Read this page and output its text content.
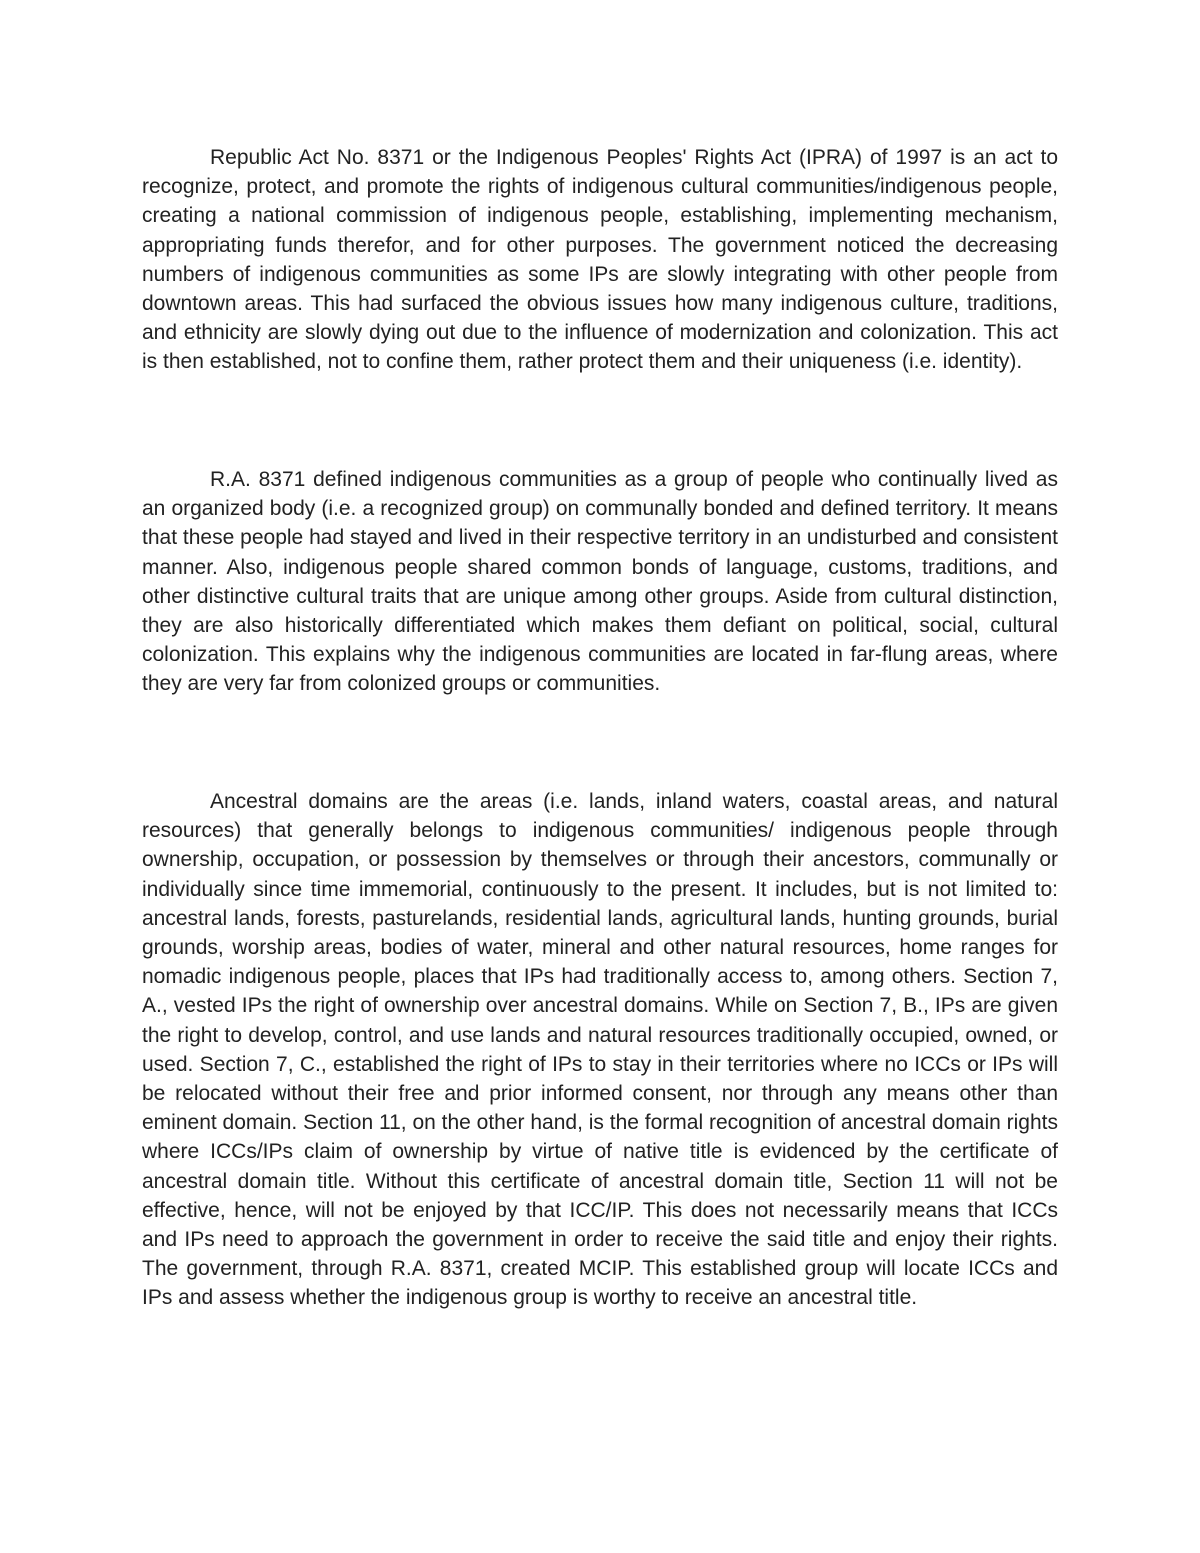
Republic Act No. 8371 or the Indigenous Peoples' Rights Act (IPRA) of 1997 is an act to recognize, protect, and promote the rights of indigenous cultural communities/indigenous people, creating a national commission of indigenous people, establishing, implementing mechanism, appropriating funds therefor, and for other purposes. The government noticed the decreasing numbers of indigenous communities as some IPs are slowly integrating with other people from downtown areas. This had surfaced the obvious issues how many indigenous culture, traditions, and ethnicity are slowly dying out due to the influence of modernization and colonization. This act is then established, not to confine them, rather protect them and their uniqueness (i.e. identity).

R.A. 8371 defined indigenous communities as a group of people who continually lived as an organized body (i.e. a recognized group) on communally bonded and defined territory. It means that these people had stayed and lived in their respective territory in an undisturbed and consistent manner. Also, indigenous people shared common bonds of language, customs, traditions, and other distinctive cultural traits that are unique among other groups. Aside from cultural distinction, they are also historically differentiated which makes them defiant on political, social, cultural colonization. This explains why the indigenous communities are located in far-flung areas, where they are very far from colonized groups or communities.

Ancestral domains are the areas (i.e. lands, inland waters, coastal areas, and natural resources) that generally belongs to indigenous communities/ indigenous people through ownership, occupation, or possession by themselves or through their ancestors, communally or individually since time immemorial, continuously to the present. It includes, but is not limited to: ancestral lands, forests, pasturelands, residential lands, agricultural lands, hunting grounds, burial grounds, worship areas, bodies of water, mineral and other natural resources, home ranges for nomadic indigenous people, places that IPs had traditionally access to, among others. Section 7, A., vested IPs the right of ownership over ancestral domains. While on Section 7, B., IPs are given the right to develop, control, and use lands and natural resources traditionally occupied, owned, or used. Section 7, C., established the right of IPs to stay in their territories where no ICCs or IPs will be relocated without their free and prior informed consent, nor through any means other than eminent domain. Section 11, on the other hand, is the formal recognition of ancestral domain rights where ICCs/IPs claim of ownership by virtue of native title is evidenced by the certificate of ancestral domain title. Without this certificate of ancestral domain title, Section 11 will not be effective, hence, will not be enjoyed by that ICC/IP. This does not necessarily means that ICCs and IPs need to approach the government in order to receive the said title and enjoy their rights. The government, through R.A. 8371, created MCIP. This established group will locate ICCs and IPs and assess whether the indigenous group is worthy to receive an ancestral title.
